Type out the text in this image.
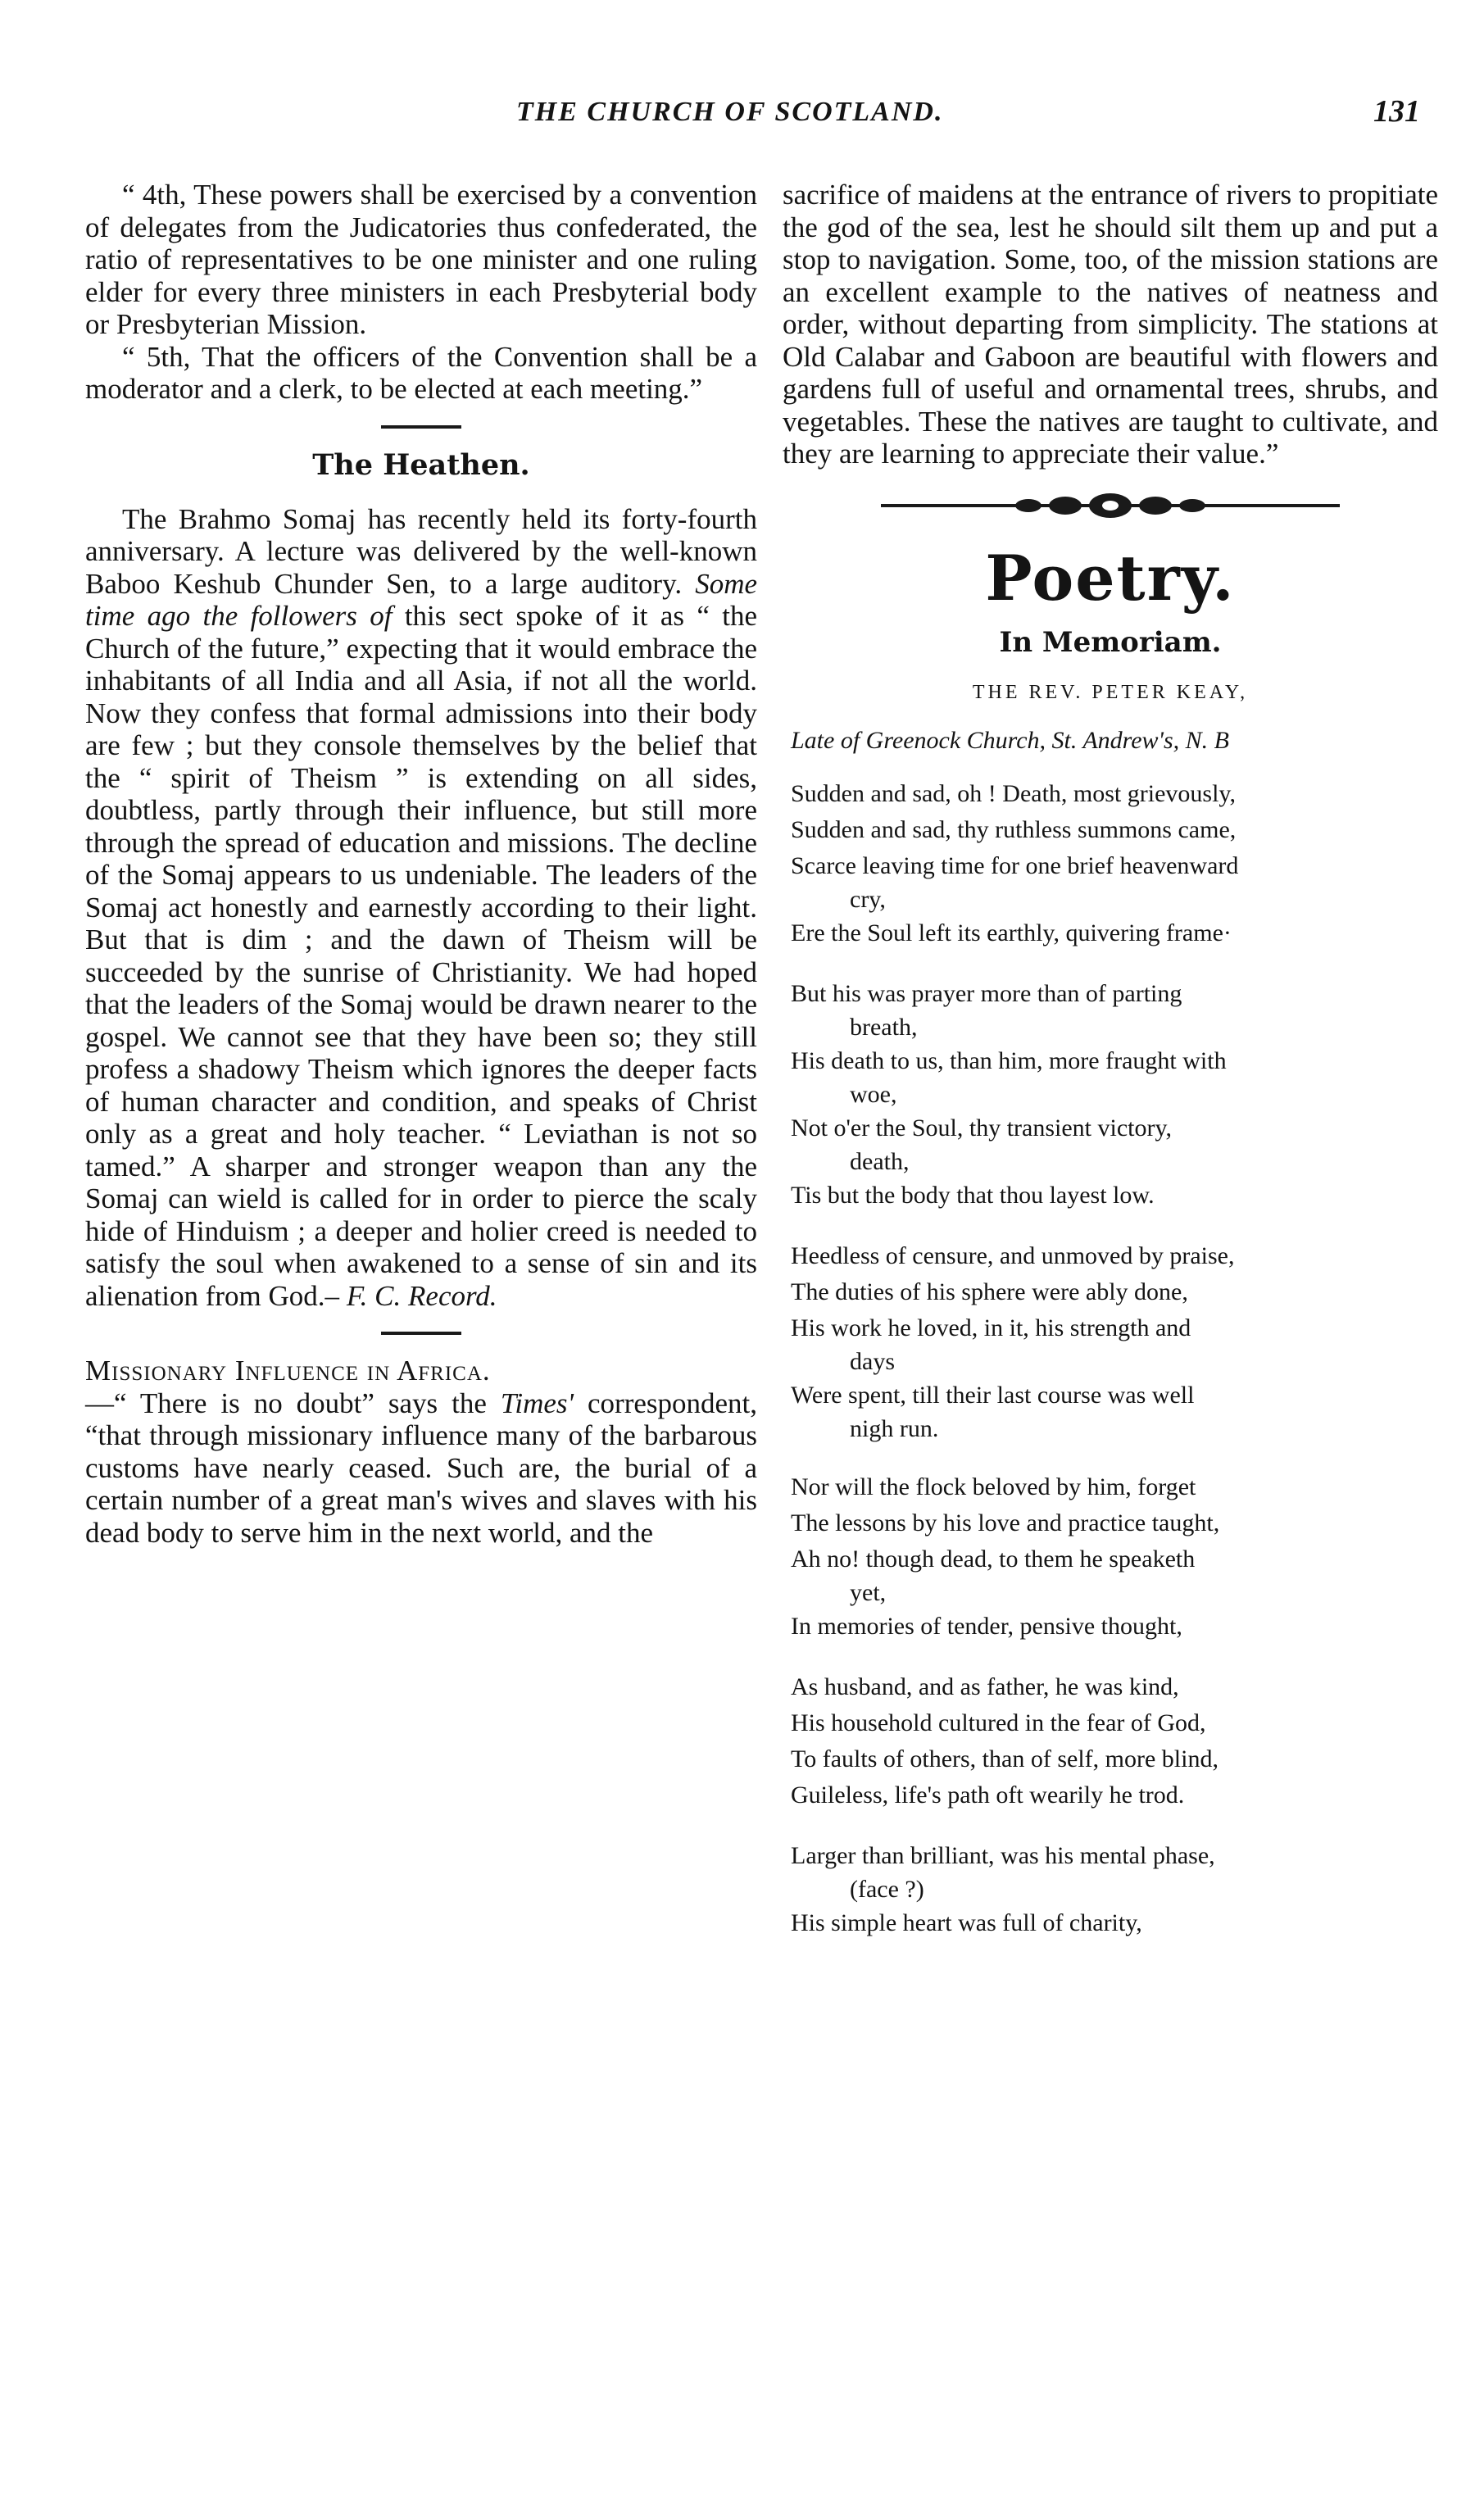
THE CHURCH OF SCOTLAND.	131

“ 4th, These powers shall be exercised by a convention of delegates from the Judicatories thus confederated, the ratio of representatives to be one minister and one ruling elder for every three ministers in each Presbyterial body or Presbyterian Mission.

“ 5th, That the officers of the Convention shall be a moderator and a clerk, to be elected at each meeting.”

The Heathen.

The Brahmo Somaj has recently held its forty-fourth anniversary. A lecture was delivered by the well-known Baboo Keshub Chunder Sen, to a large auditory. Some time ago the followers of this sect spoke of it as “ the Church of the future,” expecting that it would embrace the inhabitants of all India and all Asia, if not all the world. Now they confess that formal admissions into their body are few ; but they console themselves by the belief that the “ spirit of Theism ” is extending on all sides, doubtless, partly through their influence, but still more through the spread of education and missions. The decline of the Somaj appears to us undeniable. The leaders of the Somaj act honestly and earnestly according to their light. But that is dim ; and the dawn of Theism will be succeeded by the sunrise of Christianity. We had hoped that the leaders of the Somaj would be drawn nearer to the gospel. We cannot see that they have been so; they still profess a shadowy Theism which ignores the deeper facts of human character and condition, and speaks of Christ only as a great and holy teacher. “ Leviathan is not so tamed.” A sharper and stronger weapon than any the Somaj can wield is called for in order to pierce the scaly hide of Hinduism ; a deeper and holier creed is needed to satisfy the soul when awakened to a sense of sin and its alienation from God.– F. C. Record.

Missionary Influence in Africa.
—“ There is no doubt” says the Times' correspondent, “that through missionary influence many of the barbarous customs have nearly ceased. Such are, the burial of a certain number of a great man's wives and slaves with his dead body to serve him in the next world, and the

sacrifice of maidens at the entrance of rivers to propitiate the god of the sea, lest he should silt them up and put a stop to navigation. Some, too, of the mission stations are an excellent example to the natives of neatness and order, without departing from simplicity. The stations at Old Calabar and Gaboon are beautiful with flowers and gardens full of useful and ornamental trees, shrubs, and vegetables. These the natives are taught to cultivate, and they are learning to appreciate their value.”

Poetry.
In Memoriam.
THE REV. PETER KEAY,
Late of Greenock Church, St. Andrew's, N. B

Sudden and sad, oh ! Death, most grievously,

Sudden and sad, thy ruthless summons came,

Scarce leaving time for one brief heavenward

cry,

Ere the Soul left its earthly, quivering frame·

But his was prayer more than of parting

breath,

His death to us, than him, more fraught with

woe,

Not o'er the Soul, thy transient victory,

death,

Tis but the body that thou layest low.

Heedless of censure, and unmoved by praise,

The duties of his sphere were ably done,

His work he loved, in it, his strength and

days

Were spent, till their last course was well

nigh run.

Nor will the flock beloved by him, forget

The lessons by his love and practice taught,

Ah no! though dead, to them he speaketh

yet,

In memories of tender, pensive thought,

As husband, and as father, he was kind,

His household cultured in the fear of God,

To faults of others, than of self, more blind,

Guileless, life's path oft wearily he trod.

Larger than brilliant, was his mental phase,

(face ?)

His simple heart was full of charity,
